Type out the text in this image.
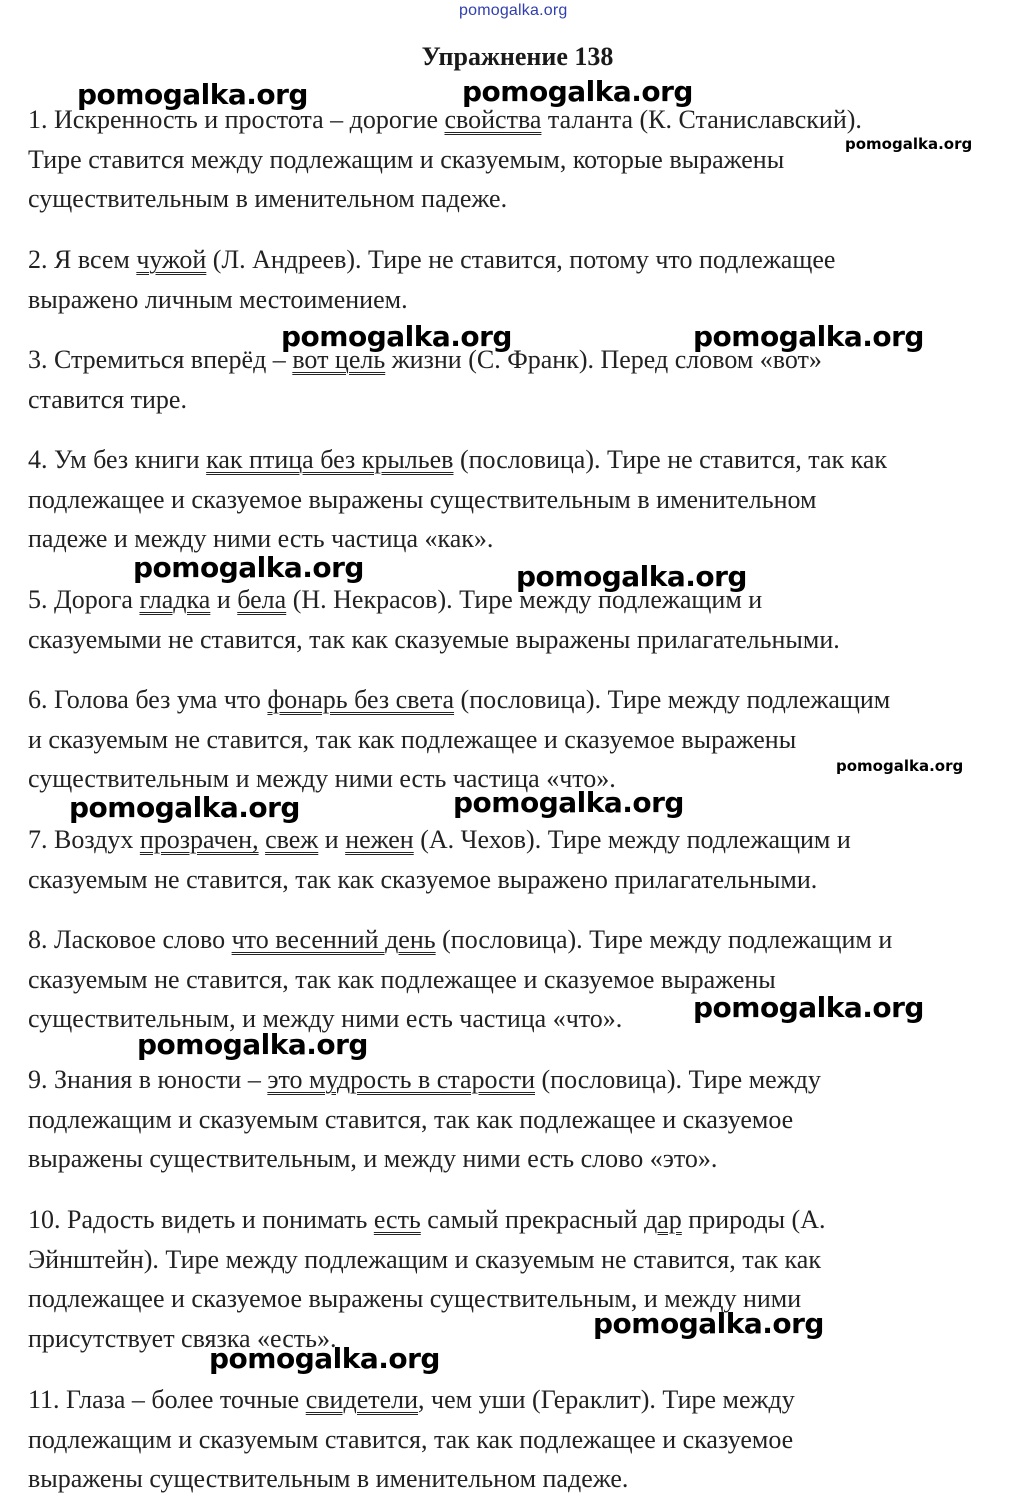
pomogalka.org
Упражнение 138

1. Искренность и простота – дорогие свойства таланта (К. Станиславский).
Тире ставится между подлежащим и сказуемым, которые выражены
существительным в именительном падеже.

2. Я всем чужой (Л. Андреев). Тире не ставится, потому что подлежащее
выражено личным местоимением.

3. Стремиться вперёд – вот цель жизни (С. Франк). Перед словом «вот»
ставится тире.

4. Ум без книги как птица без крыльев (пословица). Тире не ставится, так как
подлежащее и сказуемое выражены существительным в именительном
падеже и между ними есть частица «как».

5. Дорога гладка и бела (Н. Некрасов). Тире между подлежащим и
сказуемыми не ставится, так как сказуемые выражены прилагательными.

6. Голова без ума что фонарь без света (пословица). Тире между подлежащим
и сказуемым не ставится, так как подлежащее и сказуемое выражены
существительным и между ними есть частица «что».

7. Воздух прозрачен, свеж и нежен (А. Чехов). Тире между подлежащим и
сказуемым не ставится, так как сказуемое выражено прилагательными.

8. Ласковое слово что весенний день (пословица). Тире между подлежащим и
сказуемым не ставится, так как подлежащее и сказуемое выражены
существительным, и между ними есть частица «что».

9. Знания в юности – это мудрость в старости (пословица). Тире между
подлежащим и сказуемым ставится, так как подлежащее и сказуемое
выражены существительным, и между ними есть слово «это».

10. Радость видеть и понимать есть самый прекрасный дар природы (А.
Эйнштейн). Тире между подлежащим и сказуемым не ставится, так как
подлежащее и сказуемое выражены существительным, и между ними
присутствует связка «есть».

11. Глаза – более точные свидетели, чем уши (Гераклит). Тире между
подлежащим и сказуемым ставится, так как подлежащее и сказуемое
выражены существительным в именительном падеже.

pomogalka.org	pomogalka.org
pomogalka.org
pomogalka.org	pomogalka.org
pomogalka.org	pomogalka.org
pomogalka.org
pomogalka.org	pomogalka.org
pomogalka.org
pomogalka.org
pomogalka.org
pomogalka.org
